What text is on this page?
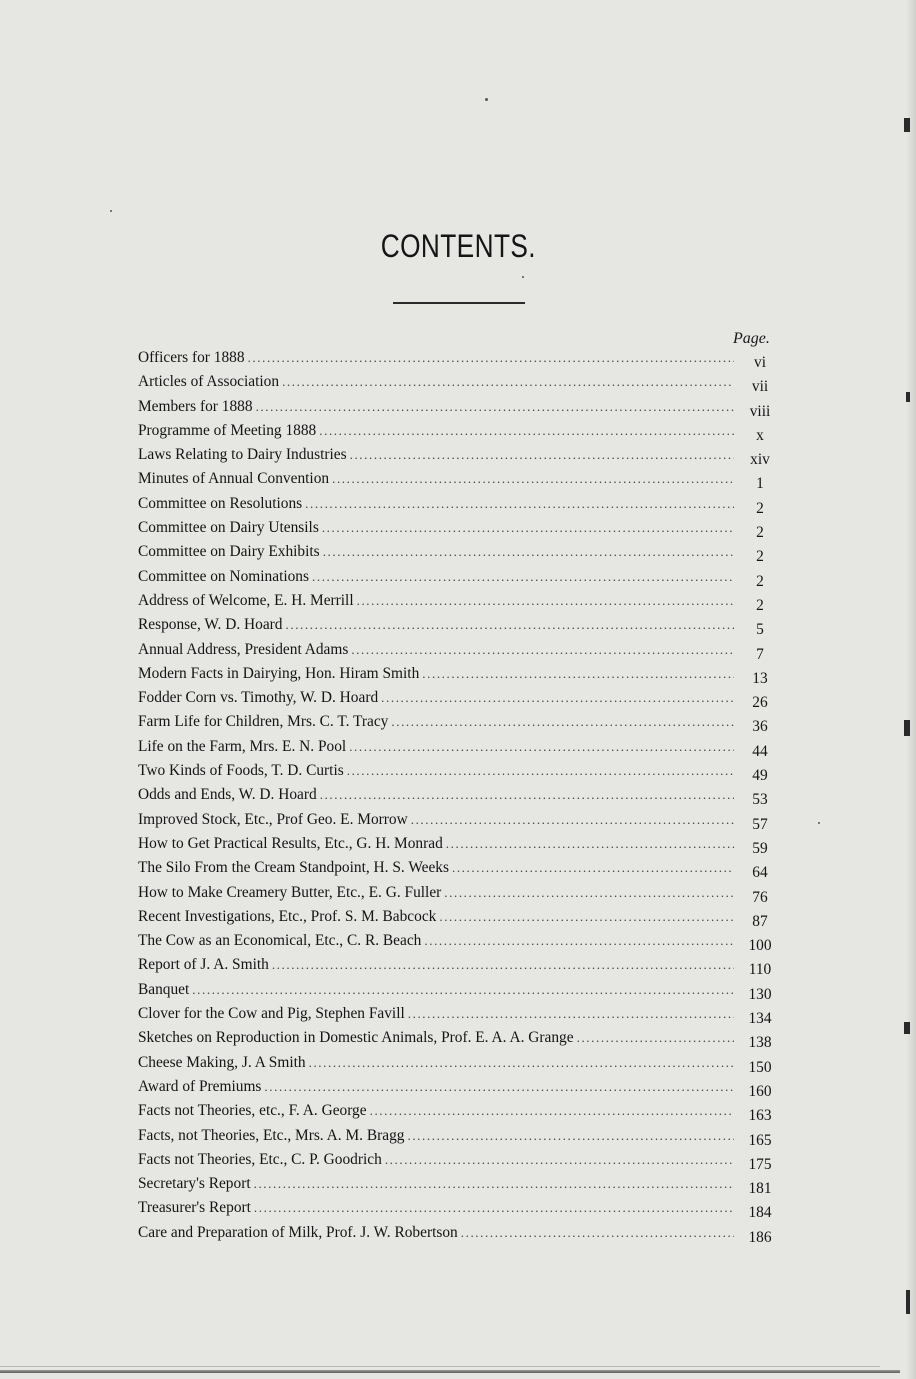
CONTENTS.
Page.
Officers for 1888 .....	vi
Articles of Association .....	vii
Members for 1888 .....	viii
Programme of Meeting 1888 .....	x
Laws Relating to Dairy Industries .....	xiv
Minutes of Annual Convention .....	1
Committee on Resolutions .....	2
Committee on Dairy Utensils .....	2
Committee on Dairy Exhibits .....	2
Committee on Nominations .....	2
Address of Welcome, E. H. Merrill .....	2
Response, W. D. Hoard .....	5
Annual Address, President Adams .....	7
Modern Facts in Dairying, Hon. Hiram Smith .....	13
Fodder Corn vs. Timothy, W. D. Hoard .....	26
Farm Life for Children, Mrs. C. T. Tracy .....	36
Life on the Farm, Mrs. E. N. Pool .....	44
Two Kinds of Foods, T. D. Curtis .....	49
Odds and Ends, W. D. Hoard .....	53
Improved Stock, Etc., Prof Geo. E. Morrow .....	57
How to Get Practical Results, Etc., G. H. Monrad .....	59
The Silo From the Cream Standpoint, H. S. Weeks .....	64
How to Make Creamery Butter, Etc., E. G. Fuller .....	76
Recent Investigations, Etc., Prof. S. M. Babcock .....	87
The Cow as an Economical, Etc., C. R. Beach .....	100
Report of J. A. Smith .....	110
Banquet .....	130
Clover for the Cow and Pig, Stephen Favill .....	134
Sketches on Reproduction in Domestic Animals, Prof. E. A. A. Grange .....	138
Cheese Making, J. A Smith .....	150
Award of Premiums .....	160
Facts not Theories, etc., F. A. George .....	163
Facts, not Theories, Etc., Mrs. A. M. Bragg .....	165
Facts not Theories, Etc., C. P. Goodrich .....	175
Secretary's Report .....	181
Treasurer's Report .....	184
Care and Preparation of Milk, Prof. J. W. Robertson .....	186
